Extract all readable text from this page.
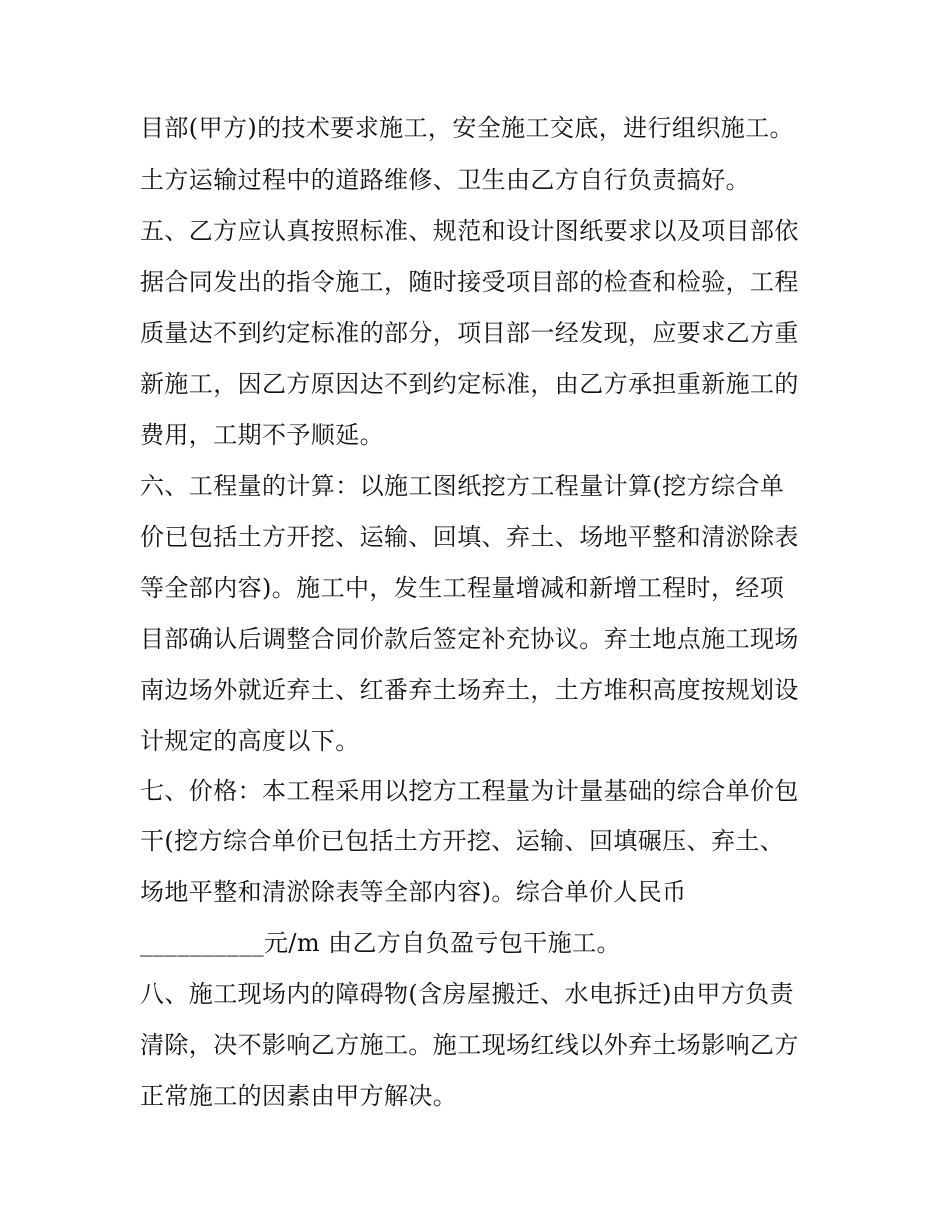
目部(甲方)的技术要求施工，安全施工交底，进行组织施工。
土方运输过程中的道路维修、卫生由乙方自行负责搞好。
五、乙方应认真按照标准、规范和设计图纸要求以及项目部依
据合同发出的指令施工，随时接受项目部的检查和检验，工程
质量达不到约定标准的部分，项目部一经发现，应要求乙方重
新施工，因乙方原因达不到约定标准，由乙方承担重新施工的
费用，工期不予顺延。
六、工程量的计算：以施工图纸挖方工程量计算(挖方综合单
价已包括土方开挖、运输、回填、弃土、场地平整和清淤除表
等全部内容)。施工中，发生工程量增减和新增工程时，经项
目部确认后调整合同价款后签定补充协议。弃土地点施工现场
南边场外就近弃土、红番弃土场弃土，土方堆积高度按规划设
计规定的高度以下。
七、价格：本工程采用以挖方工程量为计量基础的综合单价包
干(挖方综合单价已包括土方开挖、运输、回填碾压、弃土、
场地平整和清淤除表等全部内容)。综合单价人民币
__________元/m 由乙方自负盈亏包干施工。
八、施工现场内的障碍物(含房屋搬迁、水电拆迁)由甲方负责
清除，决不影响乙方施工。施工现场红线以外弃土场影响乙方
正常施工的因素由甲方解决。
